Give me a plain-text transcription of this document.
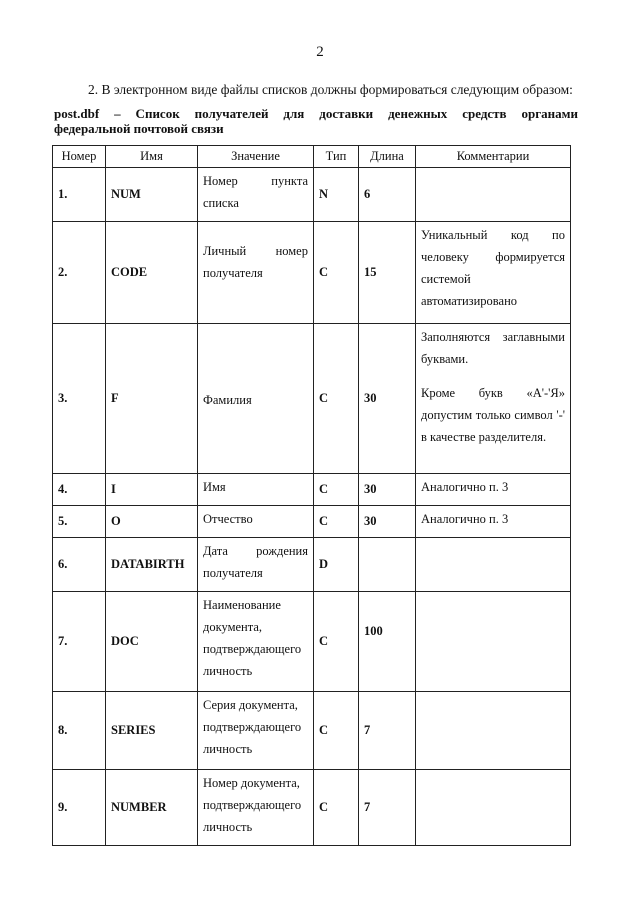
2
2. В электронном виде файлы списков должны формироваться следующим образом:
post.dbf – Список получателей для доставки денежных средств органами
федеральной почтовой связи
Номер	Имя	Значение	Тип	Длина	Комментарии
1.	NUM	Номер пункта списка	N	6	
2.	CODE	Личный номер получателя	C	15	Уникальный код по человеку формируется системой автоматизировано

3.	F	Фамилия	C	30	Заполняются заглавными буквами.
Кроме букв «А'-'Я» допустим только символ '-' в качестве разделителя.

4.	I	Имя	C	30	Аналогично п. 3

5.	O	Отчество	C	30	Аналогично п. 3

6.	DATABIRTH	Дата рождения получателя	D		
7.	DOC	Наименование документа, подтверждающего личность	C	100	
8.	SERIES	Серия документа, подтверждающего личность	C	7	
9.	NUMBER	Номер документа, подтверждающего личность	C	7	
